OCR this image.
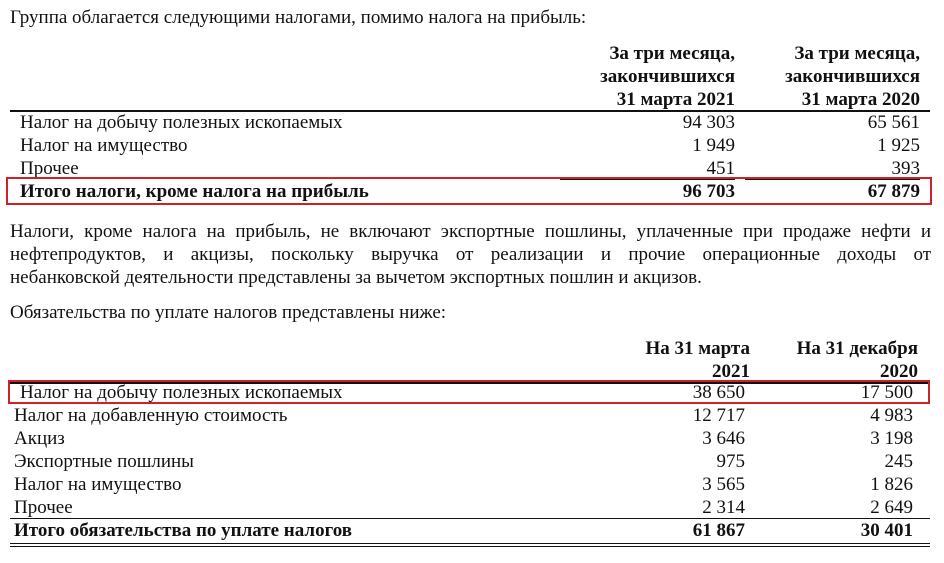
Группа облагается следующими налогами, помимо налога на прибыль:
За три месяца,
закончившихся
31 марта 2021
За три месяца,
закончившихся
31 марта 2020
Налог на добычу полезных ископаемых	94 303	65 561
Налог на имущество	1 949	1 925
Прочее	451	393
Итого налоги, кроме налога на прибыль	96 703	67 879
Налоги, кроме налога на прибыль, не включают экспортные пошлины, уплаченные при продаже нефти и
нефтепродуктов, и акцизы, поскольку выручка от реализации и прочие операционные доходы от
небанковской деятельности представлены за вычетом экспортных пошлин и акцизов.
Обязательства по уплате налогов представлены ниже:
На 31 марта
2021
На 31 декабря
2020
Налог на добычу полезных ископаемых	38 650	17 500
Налог на добавленную стоимость	12 717	4 983
Акциз	3 646	3 198
Экспортные пошлины	975	245
Налог на имущество	3 565	1 826
Прочее	2 314	2 649
Итого обязательства по уплате налогов	61 867	30 401
